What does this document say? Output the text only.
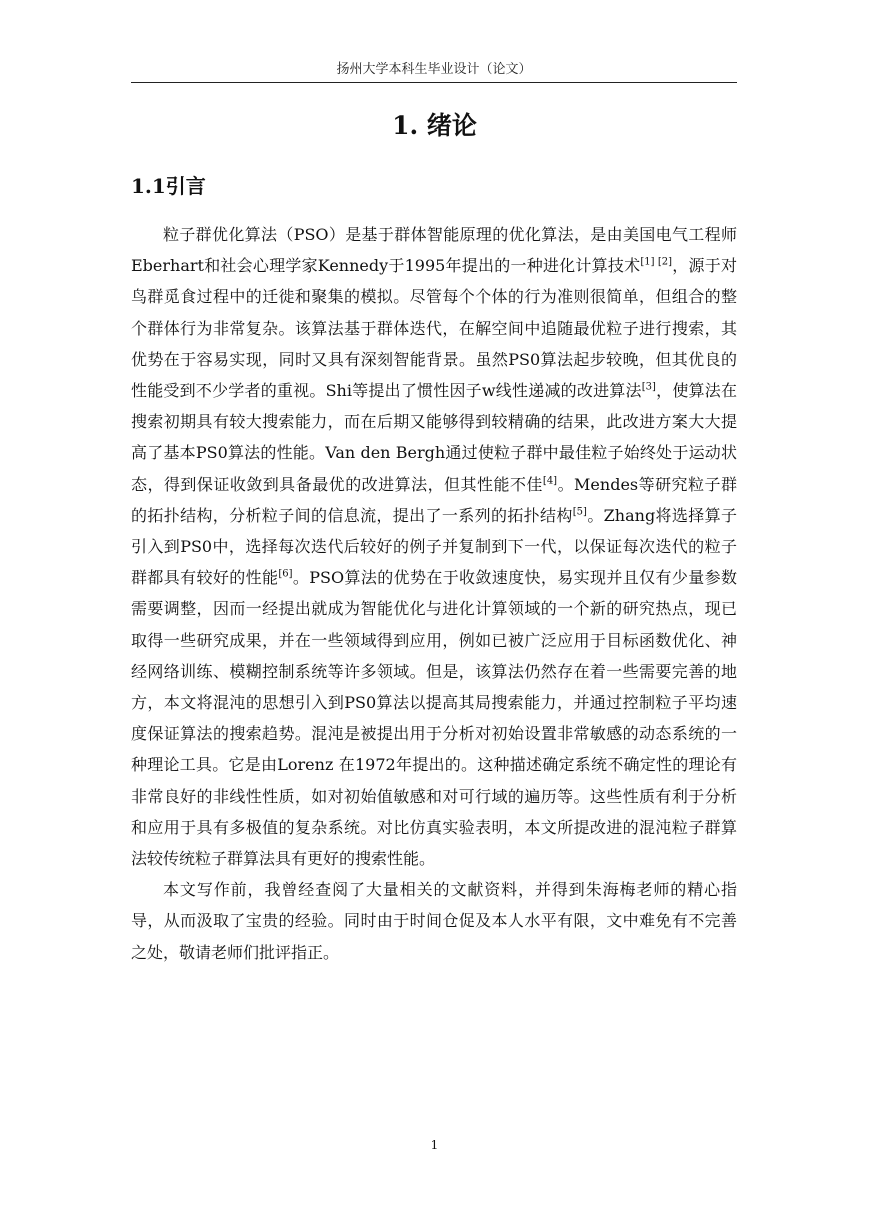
扬州大学本科生毕业设计（论文）
1. 绪论
1.1引言

粒子群优化算法（PSO）是基于群体智能原理的优化算法，是由美国电气工程师Eberhart和社会心理学家Kennedy于1995年提出的一种进化计算技术[1] [2]，源于对鸟群觅食过程中的迁徙和聚集的模拟。尽管每个个体的行为准则很简单，但组合的整个群体行为非常复杂。该算法基于群体迭代，在解空间中追随最优粒子进行搜索，其优势在于容易实现，同时又具有深刻智能背景。虽然PS0算法起步较晚，但其优良的性能受到不少学者的重视。Shi等提出了惯性因子w线性递减的改进算法[3]，使算法在搜索初期具有较大搜索能力，而在后期又能够得到较精确的结果，此改进方案大大提高了基本PS0算法的性能。Van den Bergh通过使粒子群中最佳粒子始终处于运动状态，得到保证收敛到具备最优的改进算法，但其性能不佳[4]。Mendes等研究粒子群的拓扑结构，分析粒子间的信息流，提出了一系列的拓扑结构[5]。Zhang将选择算子引入到PS0中，选择每次迭代后较好的例子并复制到下一代，以保证每次迭代的粒子群都具有较好的性能[6]。PSO算法的优势在于收敛速度快，易实现并且仅有少量参数需要调整，因而一经提出就成为智能优化与进化计算领域的一个新的研究热点，现已取得一些研究成果，并在一些领域得到应用，例如已被广泛应用于目标函数优化、神经网络训练、模糊控制系统等许多领域。但是，该算法仍然存在着一些需要完善的地方，本文将混沌的思想引入到PS0算法以提高其局搜索能力，并通过控制粒子平均速度保证算法的搜索趋势。混沌是被提出用于分析对初始设置非常敏感的动态系统的一种理论工具。它是由Lorenz 在1972年提出的。这种描述确定系统不确定性的理论有非常良好的非线性性质，如对初始值敏感和对可行域的遍历等。这些性质有利于分析和应用于具有多极值的复杂系统。对比仿真实验表明，本文所提改进的混沌粒子群算法较传统粒子群算法具有更好的搜索性能。

本文写作前，我曾经查阅了大量相关的文献资料，并得到朱海梅老师的精心指导，从而汲取了宝贵的经验。同时由于时间仓促及本人水平有限，文中难免有不完善之处，敬请老师们批评指正。

1
